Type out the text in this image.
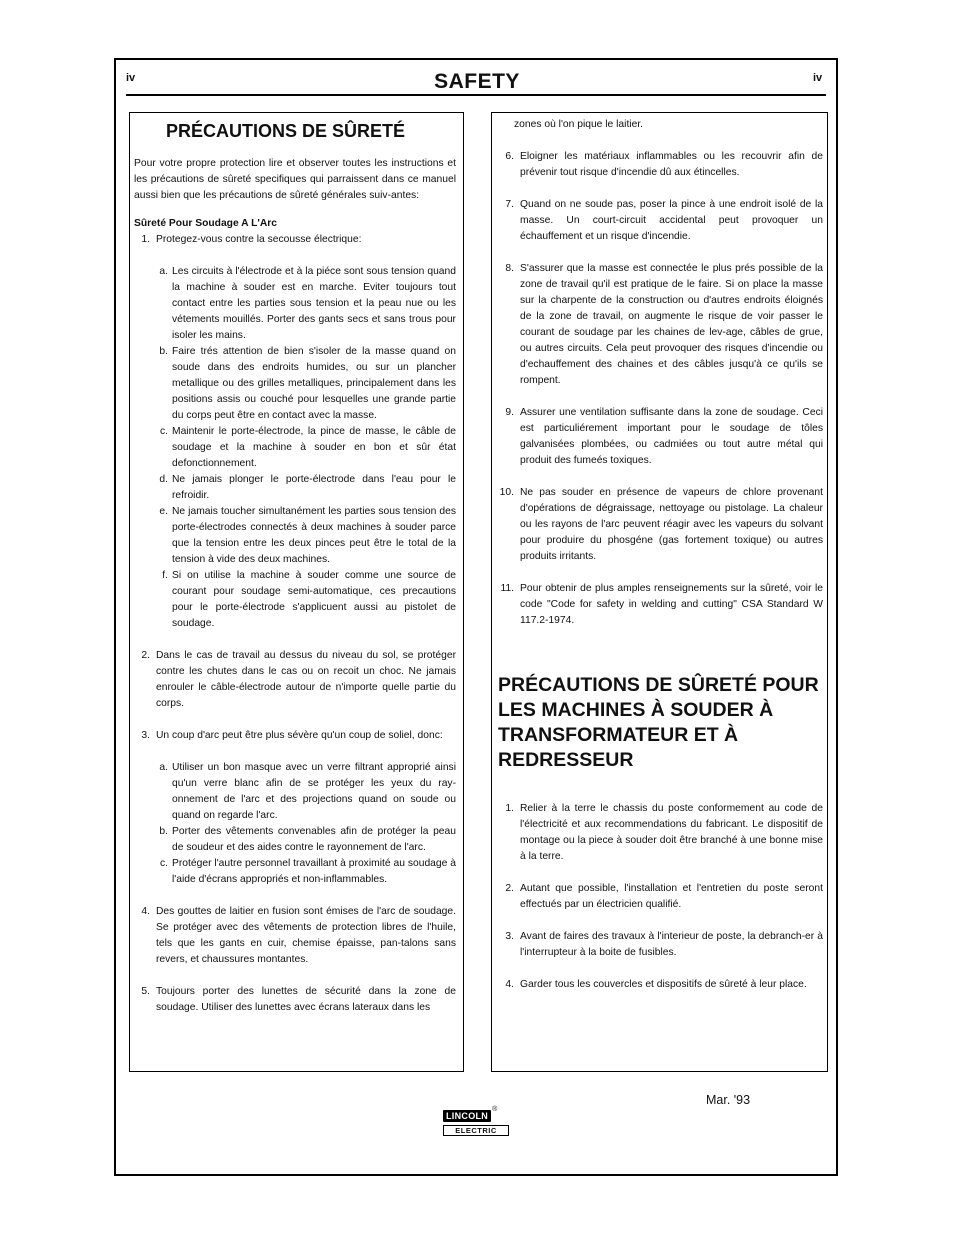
iv	SAFETY	iv
PRÉCAUTIONS DE SÛRETÉ
Pour votre propre protection lire et observer toutes les instructions et les précautions de sûreté specifiques qui parraissent dans ce manuel aussi bien que les précautions de sûreté générales suiv-antes:
Sûreté Pour Soudage A L'Arc
1. Protegez-vous contre la secousse électrique:
a. Les circuits à l'électrode et à la piéce sont sous tension quand la machine à souder est en marche. Eviter toujours tout contact entre les parties sous tension et la peau nue ou les vétements mouillés. Porter des gants secs et sans trous pour isoler les mains.
b. Faire trés attention de bien s'isoler de la masse quand on soude dans des endroits humides, ou sur un plancher metallique ou des grilles metalliques, principalement dans les positions assis ou couché pour lesquelles une grande partie du corps peut être en contact avec la masse.
c. Maintenir le porte-électrode, la pince de masse, le câble de soudage et la machine à souder en bon et sûr état defonctionnement.
d. Ne jamais plonger le porte-électrode dans l'eau pour le refroidir.
e. Ne jamais toucher simultanément les parties sous tension des porte-électrodes connectés à deux machines à souder parce que la tension entre les deux pinces peut être le total de la tension à vide des deux machines.
f. Si on utilise la machine à souder comme une source de courant pour soudage semi-automatique, ces precautions pour le porte-électrode s'applicuent aussi au pistolet de soudage.
2. Dans le cas de travail au dessus du niveau du sol, se protéger contre les chutes dans le cas ou on recoit un choc. Ne jamais enrouler le câble-électrode autour de n'importe quelle partie du corps.
3. Un coup d'arc peut être plus sévère qu'un coup de soliel, donc:
a. Utiliser un bon masque avec un verre filtrant approprié ainsi qu'un verre blanc afin de se protéger les yeux du ray-onnement de l'arc et des projections quand on soude ou quand on regarde l'arc.
b. Porter des vêtements convenables afin de protéger la peau de soudeur et des aides contre le rayonnement de l'arc.
c. Protéger l'autre personnel travaillant à proximité au soudage à l'aide d'écrans appropriés et non-inflammables.
4. Des gouttes de laitier en fusion sont émises de l'arc de soudage. Se protéger avec des vêtements de protection libres de l'huile, tels que les gants en cuir, chemise épaisse, pan-talons sans revers, et chaussures montantes.
5. Toujours porter des lunettes de sécurité dans la zone de soudage. Utiliser des lunettes avec écrans lateraux dans les
zones où l'on pique le laitier.
6. Eloigner les matériaux inflammables ou les recouvrir afin de prévenir tout risque d'incendie dû aux étincelles.
7. Quand on ne soude pas, poser la pince à une endroit isolé de la masse. Un court-circuit accidental peut provoquer un échauffement et un risque d'incendie.
8. S'assurer que la masse est connectée le plus prés possible de la zone de travail qu'il est pratique de le faire. Si on place la masse sur la charpente de la construction ou d'autres endroits éloignés de la zone de travail, on augmente le risque de voir passer le courant de soudage par les chaines de lev-age, câbles de grue, ou autres circuits. Cela peut provoquer des risques d'incendie ou d'echauffement des chaines et des câbles jusqu'à ce qu'ils se rompent.
9. Assurer une ventilation suffisante dans la zone de soudage. Ceci est particuliérement important pour le soudage de tôles galvanisées plombées, ou cadmiées ou tout autre métal qui produit des fumeés toxiques.
10. Ne pas souder en présence de vapeurs de chlore provenant d'opérations de dégraissage, nettoyage ou pistolage. La chaleur ou les rayons de l'arc peuvent réagir avec les vapeurs du solvant pour produire du phosgéne (gas fortement toxique) ou autres produits irritants.
11. Pour obtenir de plus amples renseignements sur la sûreté, voir le code "Code for safety in welding and cutting" CSA Standard W 117.2-1974.
PRÉCAUTIONS DE SÛRETÉ POUR LES MACHINES À SOUDER À TRANSFORMATEUR ET À REDRESSEUR
1. Relier à la terre le chassis du poste conformement au code de l'électricité et aux recommendations du fabricant. Le dispositif de montage ou la piece à souder doit être branché à une bonne mise à la terre.
2. Autant que possible, l'installation et l'entretien du poste seront effectués par un électricien qualifié.
3. Avant de faires des travaux à l'interieur de poste, la debranch-er à l'interrupteur à la boite de fusibles.
4. Garder tous les couvercles et dispositifs de sûreté à leur place.
Mar. '93
LINCOLN®
ELECTRIC
